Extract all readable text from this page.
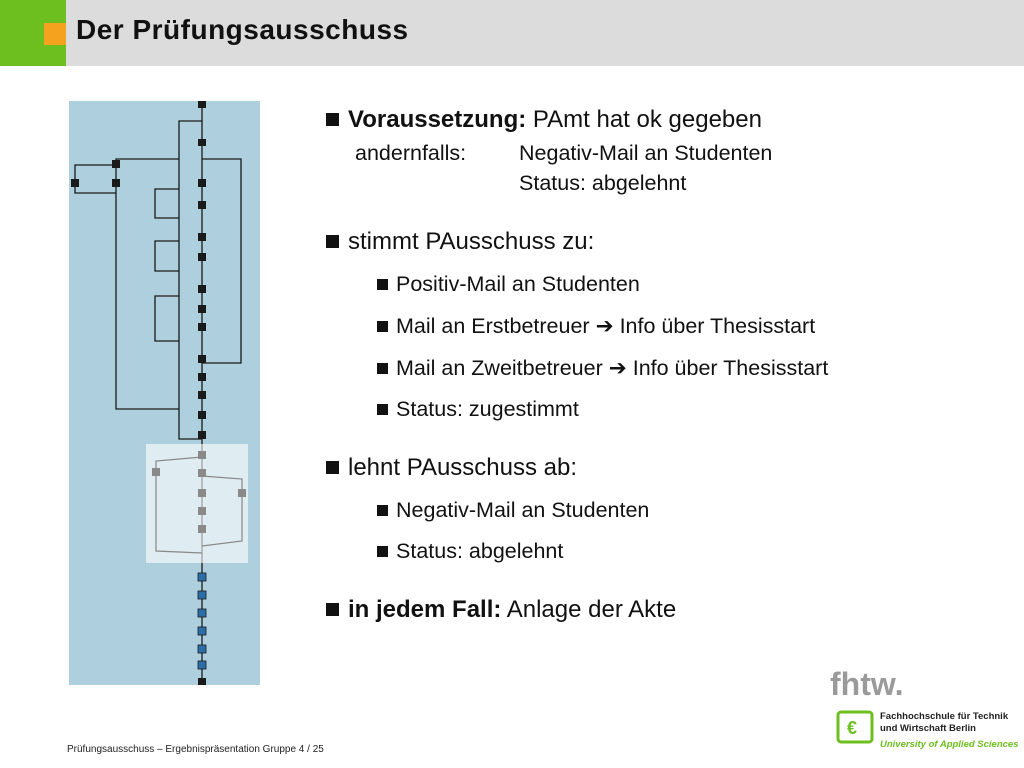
Der Prüfungsausschuss
Voraussetzung: PAmt hat ok gegeben
andernfalls: Negativ-Mail an Studenten
Status: abgelehnt
stimmt PAusschuss zu:
Positiv-Mail an Studenten
Mail an Erstbetreuer ➔ Info über Thesisstart
Mail an Zweitbetreuer ➔ Info über Thesisstart
Status: zugestimmt
lehnt PAusschuss ab:
Negativ-Mail an Studenten
Status: abgelehnt
in jedem Fall: Anlage der Akte
Prüfungsausschuss – Ergebnispräsentation Gruppe 4 / 25
fhtw.
€
Fachhochschule für Technik
und Wirtschaft Berlin
University of Applied Sciences
